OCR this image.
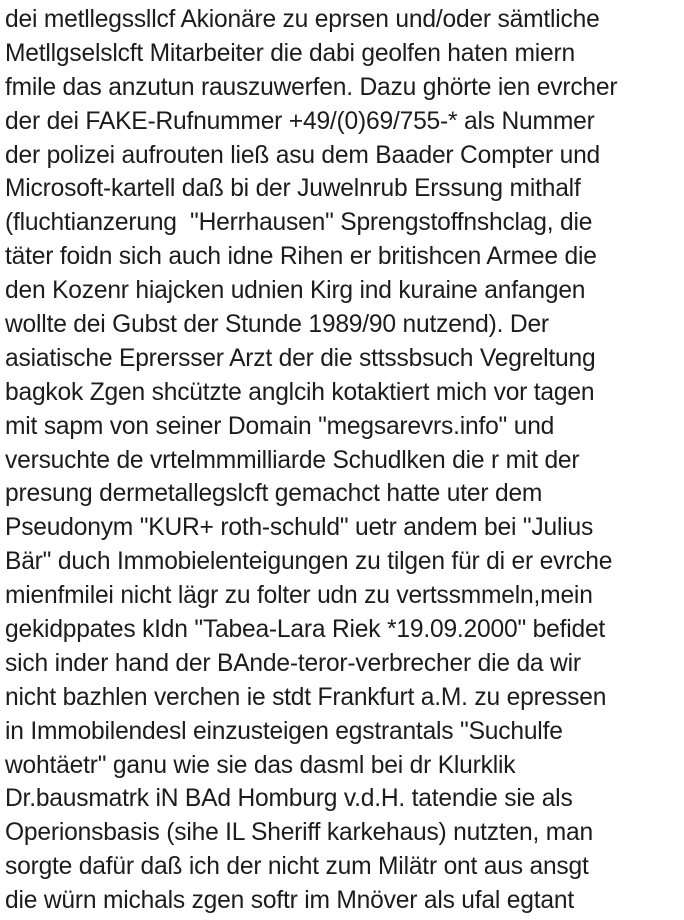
dei metllegssllcf Akionäre zu eprsen und/oder sämtliche
Metllgselslcft Mitarbeiter die dabi geolfen haten miern
fmile das anzutun rauszuwerfen. Dazu ghörte ien evrcher
der dei FAKE-Rufnummer +49/(0)69/755-* als Nummer
der polizei aufrouten ließ asu dem Baader Compter und
Microsoft-kartell daß bi der Juwelnrub Erssung mithalf
(fluchtianzerung  "Herrhausen" Sprengstoffnshclag, die
täter foidn sich auch idne Rihen er britishcen Armee die
den Kozenr hiajcken udnien Kirg ind kuraine anfangen
wollte dei Gubst der Stunde 1989/90 nutzend). Der
asiatische Eprersser Arzt der die sttssbsuch Vegreltung
bagkok Zgen shcützte anglcih kotaktiert mich vor tagen
mit sapm von seiner Domain "megsarevrs.info" und
versuchte de vrtelmmmilliarde Schudlken die r mit der
presung dermetallegslcft gemachct hatte uter dem
Pseudonym "KUR+ roth-schuld" uetr andem bei "Julius
Bär" duch Immobielenteigungen zu tilgen für di er evrche
mienfmilei nicht lägr zu folter udn zu vertssmmeln,mein
gekidppates kIdn "Tabea-Lara Riek *19.09.2000" befidet
sich inder hand der BAnde-teror-verbrecher die da wir
nicht bazhlen verchen ie stdt Frankfurt a.M. zu epressen
in Immobilendesl einzusteigen egstrantals "Suchulfe
wohtäetr" ganu wie sie das dasml bei dr Klurklik
Dr.bausmatrk iN BAd Homburg v.d.H. tatendie sie als
Operionsbasis (sihe IL Sheriff karkehaus) nutzten, man
sorgte dafür daß ich der nicht zum Milätr ont aus ansgt
die würn michals zgen softr im Mnöver als ufal egtant
